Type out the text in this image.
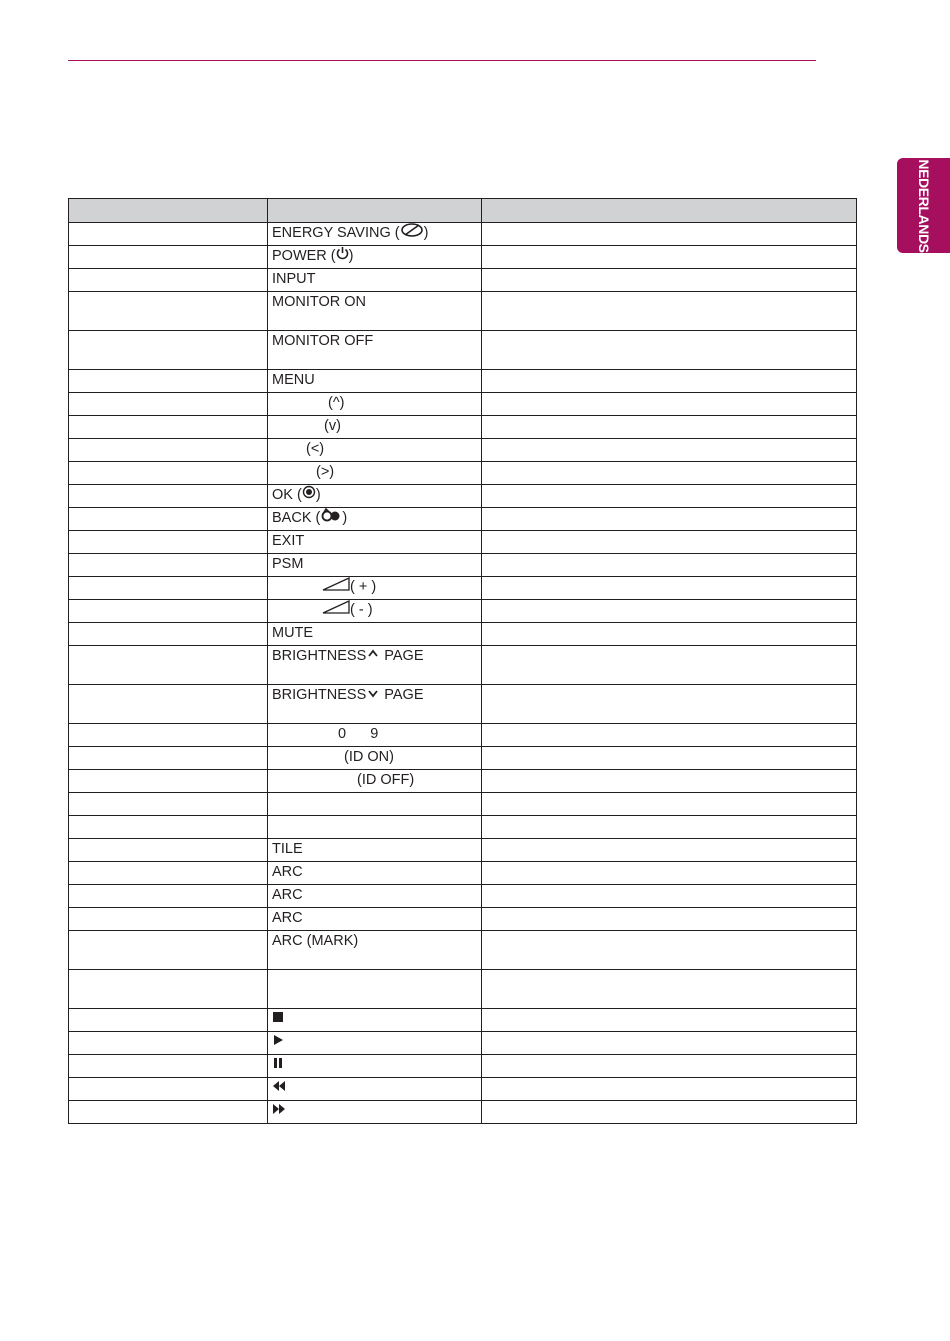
NEDERLANDS

	ENERGY SAVING ( )	
	POWER ( )	
	INPUT	
	MONITOR ON	
	MONITOR OFF	
	MENU	
	(^)	
	(v)	
	(<)	
	(>)	
	OK ( )	
	BACK ( )	
	EXIT	
	PSM	
	( + )	
	( - )	
	MUTE	
	BRIGHTNESS PAGE	
	BRIGHTNESS PAGE	
	0      9	
	(ID ON)	
	(ID OFF)	

	TILE	
	ARC	
	ARC	
	ARC	
	ARC (MARK)	
